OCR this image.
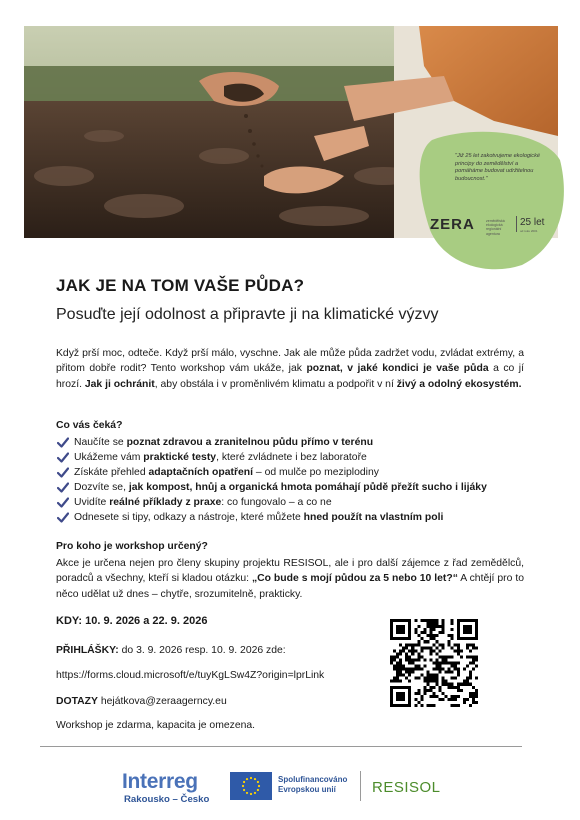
"Již 25 let zakotvujeme ekologické principy do zemědělství a pomáháme budovat udržitelnou budoucnost."
ZERA	zemědělská ekologická regionální agentura
25 let
od roku 2001
JAK JE NA TOM VAŠE PŮDA?
Posuďte její odolnost a připravte ji na klimatické výzvy
Když prší moc, odteče. Když prší málo, vyschne. Jak ale může půda zadržet vodu, zvládat extrémy, a přitom dobře rodit? Tento workshop vám ukáže, jak poznat, v jaké kondici je vaše půda a co jí hrozí. Jak ji ochránit, aby obstála i v proměnlivém klimatu a podpořit v ní živý a odolný ekosystém.
Co vás čeká?
Naučíte se poznat zdravou a zranitelnou půdu přímo v terénu
Ukážeme vám praktické testy, které zvládnete i bez laboratoře
Získáte přehled adaptačních opatření – od mulče po meziplodiny
Dozvíte se, jak kompost, hnůj a organická hmota pomáhají půdě přežít sucho i lijáky
Uvidíte reálné příklady z praxe: co fungovalo – a co ne
Odnesete si tipy, odkazy a nástroje, které můžete hned použít na vlastním poli
Pro koho je workshop určený?
Akce je určena nejen pro členy skupiny projektu RESISOL, ale i pro další zájemce z řad zemědělců, poradců a všechny, kteří si kladou otázku: „Co bude s mojí půdou za 5 nebo 10 let?“ A chtějí pro to něco udělat už dnes – chytře, srozumitelně, prakticky.
KDY: 10. 9. 2026 a 22. 9. 2026
PŘIHLÁŠKY: do 3. 9. 2026 resp. 10. 9. 2026 zde:
https://forms.cloud.microsoft/e/tuyKgLSw4Z?origin=lprLink
DOTAZY hejátkova@zeraagerncy.eu
Workshop je zdarma, kapacita je omezena.
Interreg
Rakousko – Česko
Spolufinancováno Evropskou unií	RESISOL
